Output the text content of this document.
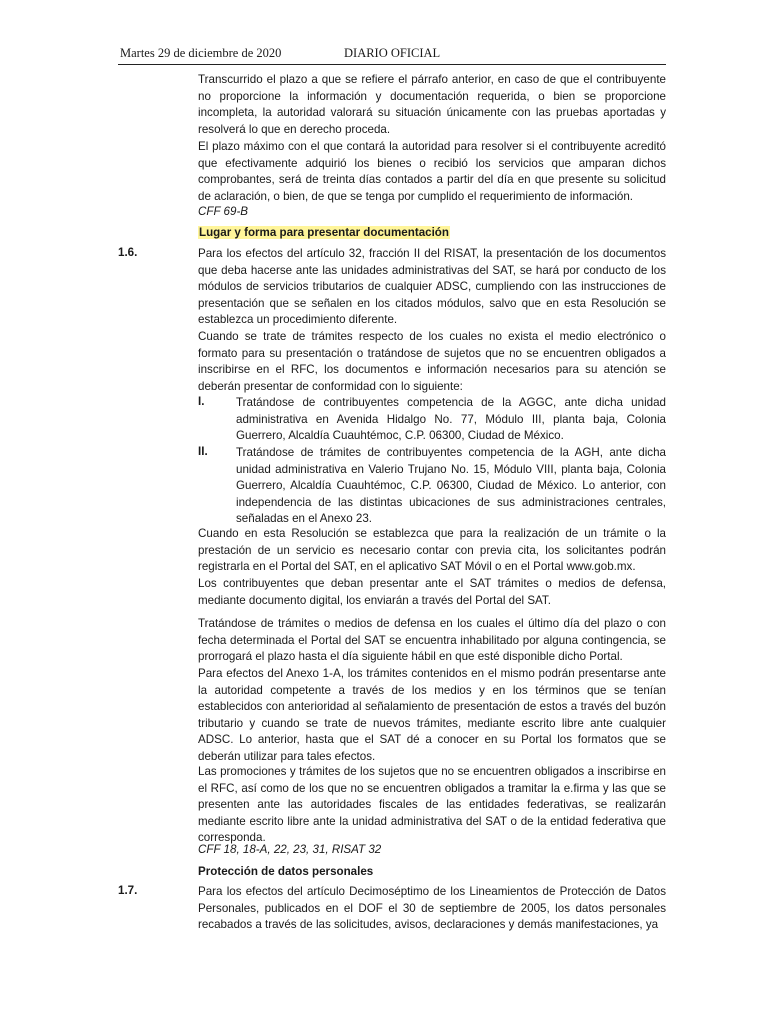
Martes 29 de diciembre de 2020	DIARIO OFICIAL
Transcurrido el plazo a que se refiere el párrafo anterior, en caso de que el contribuyente no proporcione la información y documentación requerida, o bien se proporcione incompleta, la autoridad valorará su situación únicamente con las pruebas aportadas y resolverá lo que en derecho proceda.
El plazo máximo con el que contará la autoridad para resolver si el contribuyente acreditó que efectivamente adquirió los bienes o recibió los servicios que amparan dichos comprobantes, será de treinta días contados a partir del día en que presente su solicitud de aclaración, o bien, de que se tenga por cumplido el requerimiento de información.
CFF 69-B
Lugar y forma para presentar documentación
1.6.	Para los efectos del artículo 32, fracción II del RISAT, la presentación de los documentos que deba hacerse ante las unidades administrativas del SAT, se hará por conducto de los módulos de servicios tributarios de cualquier ADSC, cumpliendo con las instrucciones de presentación que se señalen en los citados módulos, salvo que en esta Resolución se establezca un procedimiento diferente.
Cuando se trate de trámites respecto de los cuales no exista el medio electrónico o formato para su presentación o tratándose de sujetos que no se encuentren obligados a inscribirse en el RFC, los documentos e información necesarios para su atención se deberán presentar de conformidad con lo siguiente:
I.	Tratándose de contribuyentes competencia de la AGGC, ante dicha unidad administrativa en Avenida Hidalgo No. 77, Módulo III, planta baja, Colonia Guerrero, Alcaldía Cuauhtémoc, C.P. 06300, Ciudad de México.
II. Tratándose de trámites de contribuyentes competencia de la AGH, ante dicha unidad administrativa en Valerio Trujano No. 15, Módulo VIII, planta baja, Colonia Guerrero, Alcaldía Cuauhtémoc, C.P. 06300, Ciudad de México. Lo anterior, con independencia de las distintas ubicaciones de sus administraciones centrales, señaladas en el Anexo 23.
Cuando en esta Resolución se establezca que para la realización de un trámite o la prestación de un servicio es necesario contar con previa cita, los solicitantes podrán registrarla en el Portal del SAT, en el aplicativo SAT Móvil o en el Portal www.gob.mx.
Los contribuyentes que deban presentar ante el SAT trámites o medios de defensa, mediante documento digital, los enviarán a través del Portal del SAT.
Tratándose de trámites o medios de defensa en los cuales el último día del plazo o con fecha determinada el Portal del SAT se encuentra inhabilitado por alguna contingencia, se prorrogará el plazo hasta el día siguiente hábil en que esté disponible dicho Portal.
Para efectos del Anexo 1-A, los trámites contenidos en el mismo podrán presentarse ante la autoridad competente a través de los medios y en los términos que se tenían establecidos con anterioridad al señalamiento de presentación de estos a través del buzón tributario y cuando se trate de nuevos trámites, mediante escrito libre ante cualquier ADSC. Lo anterior, hasta que el SAT dé a conocer en su Portal los formatos que se deberán utilizar para tales efectos.
Las promociones y trámites de los sujetos que no se encuentren obligados a inscribirse en el RFC, así como de los que no se encuentren obligados a tramitar la e.firma y las que se presenten ante las autoridades fiscales de las entidades federativas, se realizarán mediante escrito libre ante la unidad administrativa del SAT o de la entidad federativa que corresponda.
CFF 18, 18-A, 22, 23, 31, RISAT 32
Protección de datos personales
1.7.	Para los efectos del artículo Decimoséptimo de los Lineamientos de Protección de Datos Personales, publicados en el DOF el 30 de septiembre de 2005, los datos personales recabados a través de las solicitudes, avisos, declaraciones y demás manifestaciones, ya
